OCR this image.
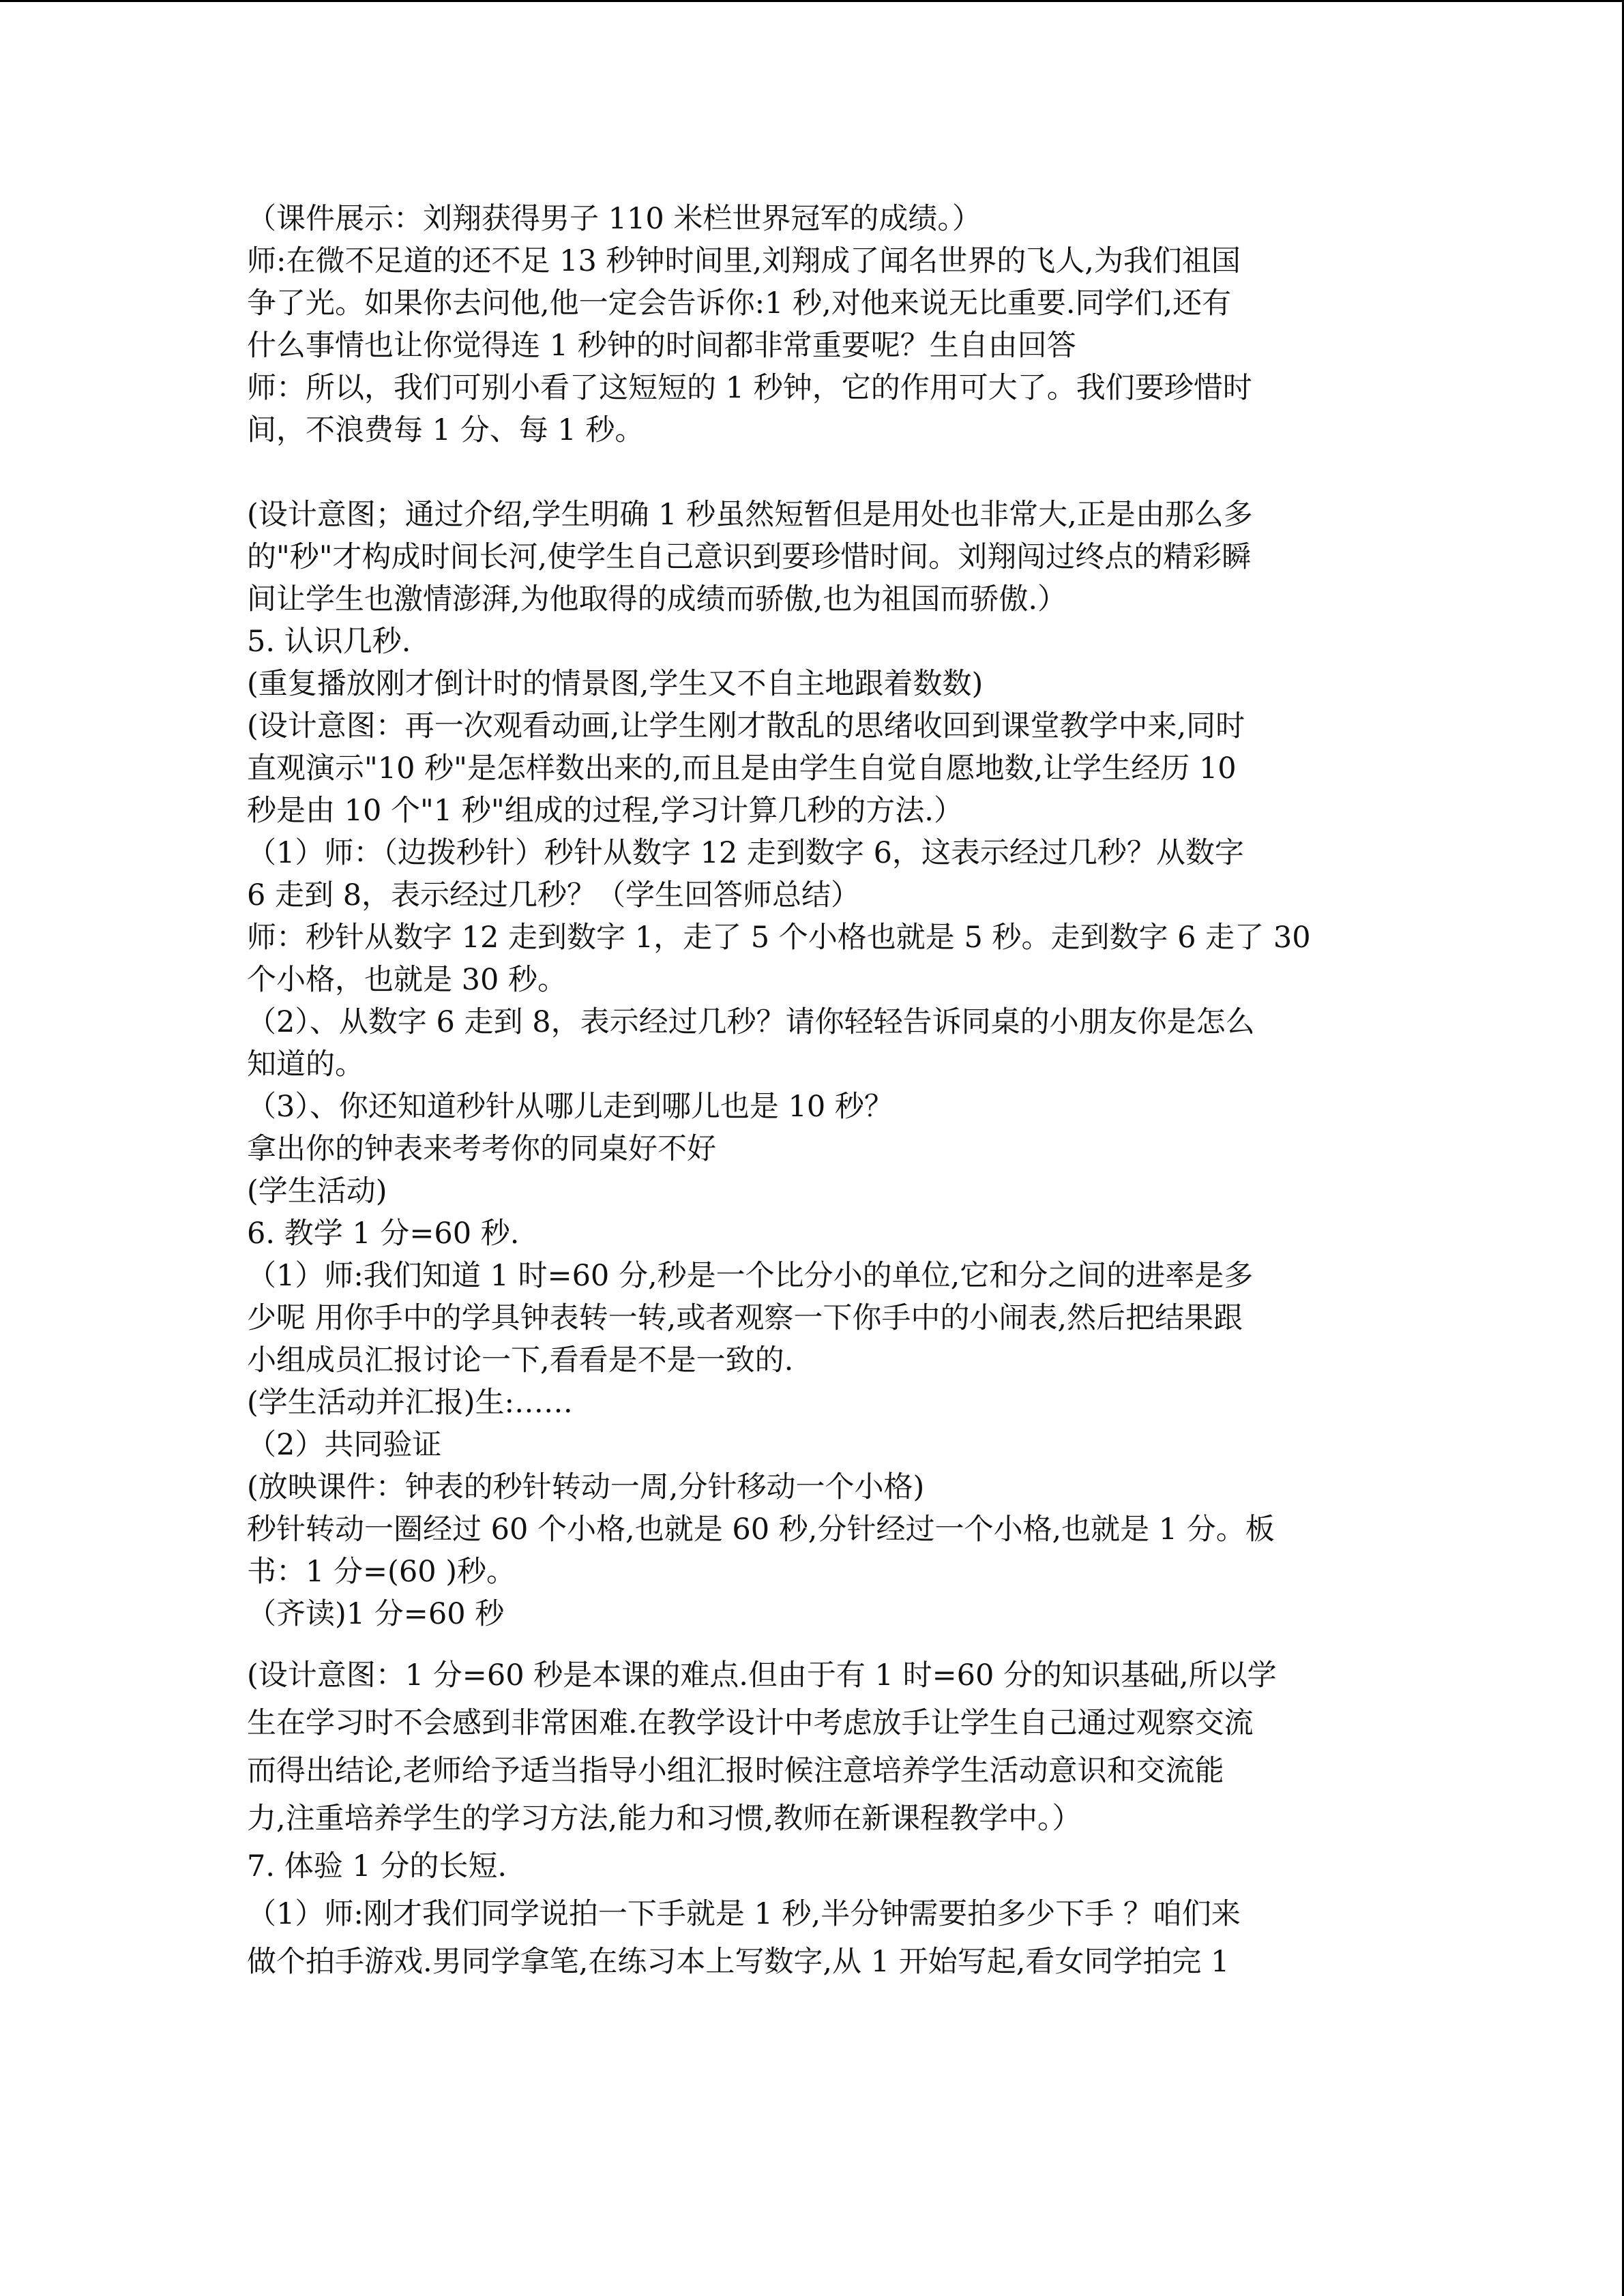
（课件展示：刘翔获得男子 110 米栏世界冠军的成绩。）
师:在微不足道的还不足 13 秒钟时间里,刘翔成了闻名世界的飞人,为我们祖国
争了光。如果你去问他,他一定会告诉你:1 秒,对他来说无比重要.同学们,还有
什么事情也让你觉得连 1 秒钟的时间都非常重要呢？生自由回答
师：所以，我们可别小看了这短短的 1 秒钟，它的作用可大了。我们要珍惜时
间，不浪费每 1 分、每 1 秒。
(设计意图；通过介绍,学生明确 1 秒虽然短暂但是用处也非常大,正是由那么多
的"秒"才构成时间长河,使学生自己意识到要珍惜时间。刘翔闯过终点的精彩瞬
间让学生也激情澎湃,为他取得的成绩而骄傲,也为祖国而骄傲.）
5. 认识几秒.
(重复播放刚才倒计时的情景图,学生又不自主地跟着数数)
(设计意图：再一次观看动画,让学生刚才散乱的思绪收回到课堂教学中来,同时
直观演示"10 秒"是怎样数出来的,而且是由学生自觉自愿地数,让学生经历 10
秒是由 10 个"1 秒"组成的过程,学习计算几秒的方法.）
（1）师：（边拨秒针）秒针从数字 12 走到数字 6，这表示经过几秒？从数字
6 走到 8，表示经过几秒？（学生回答师总结）
师：秒针从数字 12 走到数字 1，走了 5 个小格也就是 5 秒。走到数字 6 走了 30
个小格，也就是 30 秒。
（2）、从数字 6 走到 8，表示经过几秒？请你轻轻告诉同桌的小朋友你是怎么
知道的。
（3）、你还知道秒针从哪儿走到哪儿也是 10 秒？
拿出你的钟表来考考你的同桌好不好
(学生活动)
6. 教学 1 分=60 秒.
（1）师:我们知道 1 时=60 分,秒是一个比分小的单位,它和分之间的进率是多
少呢 用你手中的学具钟表转一转,或者观察一下你手中的小闹表,然后把结果跟
小组成员汇报讨论一下,看看是不是一致的.
(学生活动并汇报)生:……
（2）共同验证
(放映课件：钟表的秒针转动一周,分针移动一个小格)
秒针转动一圈经过 60 个小格,也就是 60 秒,分针经过一个小格,也就是 1 分。板
书：1 分=(60 )秒。
（齐读)1 分=60 秒
(设计意图：1 分=60 秒是本课的难点.但由于有 1 时=60 分的知识基础,所以学
生在学习时不会感到非常困难.在教学设计中考虑放手让学生自己通过观察交流
而得出结论,老师给予适当指导小组汇报时候注意培养学生活动意识和交流能
力,注重培养学生的学习方法,能力和习惯,教师在新课程教学中。）
7. 体验 1 分的长短.
（1）师:刚才我们同学说拍一下手就是 1 秒,半分钟需要拍多少下手 ？咱们来
做个拍手游戏.男同学拿笔,在练习本上写数字,从 1 开始写起,看女同学拍完 1
